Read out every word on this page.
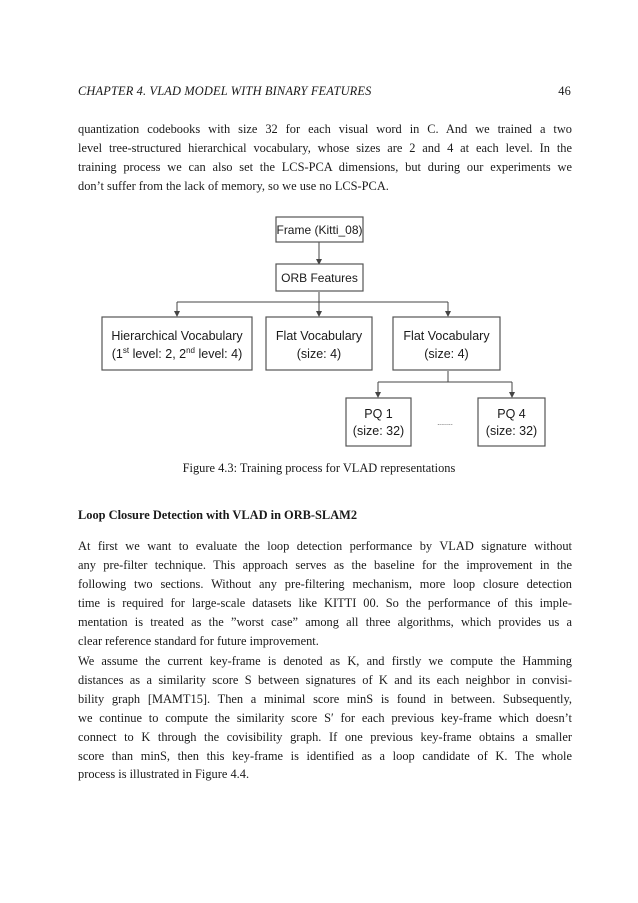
CHAPTER 4. VLAD MODEL WITH BINARY FEATURES	46
quantization codebooks with size 32 for each visual word in C. And we trained a two
level tree-structured hierarchical vocabulary, whose sizes are 2 and 4 at each level. In the
training process we can also set the LCS-PCA dimensions, but during our experiments we
don’t suffer from the lack of memory, so we use no LCS-PCA.
Frame (Kitti_08)
ORB Features
Hierarchical Vocabulary
(1st level: 2, 2nd level: 4)
Flat Vocabulary
(size: 4)
Flat Vocabulary
(size: 4)
PQ 1
(size: 32)
........
PQ 4
(size: 32)
Figure 4.3: Training process for VLAD representations
Loop Closure Detection with VLAD in ORB-SLAM2
At first we want to evaluate the loop detection performance by VLAD signature without
any pre-filter technique. This approach serves as the baseline for the improvement in the
following two sections. Without any pre-filtering mechanism, more loop closure detection
time is required for large-scale datasets like KITTI 00. So the performance of this imple-
mentation is treated as the ”worst case” among all three algorithms, which provides us a
clear reference standard for future improvement.
We assume the current key-frame is denoted as K, and firstly we compute the Hamming
distances as a similarity score S between signatures of K and its each neighbor in convisi-
bility graph [MAMT15]. Then a minimal score minS is found in between. Subsequently,
we continue to compute the similarity score S′ for each previous key-frame which doesn’t
connect to K through the covisibility graph. If one previous key-frame obtains a smaller
score than minS, then this key-frame is identified as a loop candidate of K. The whole
process is illustrated in Figure 4.4.
